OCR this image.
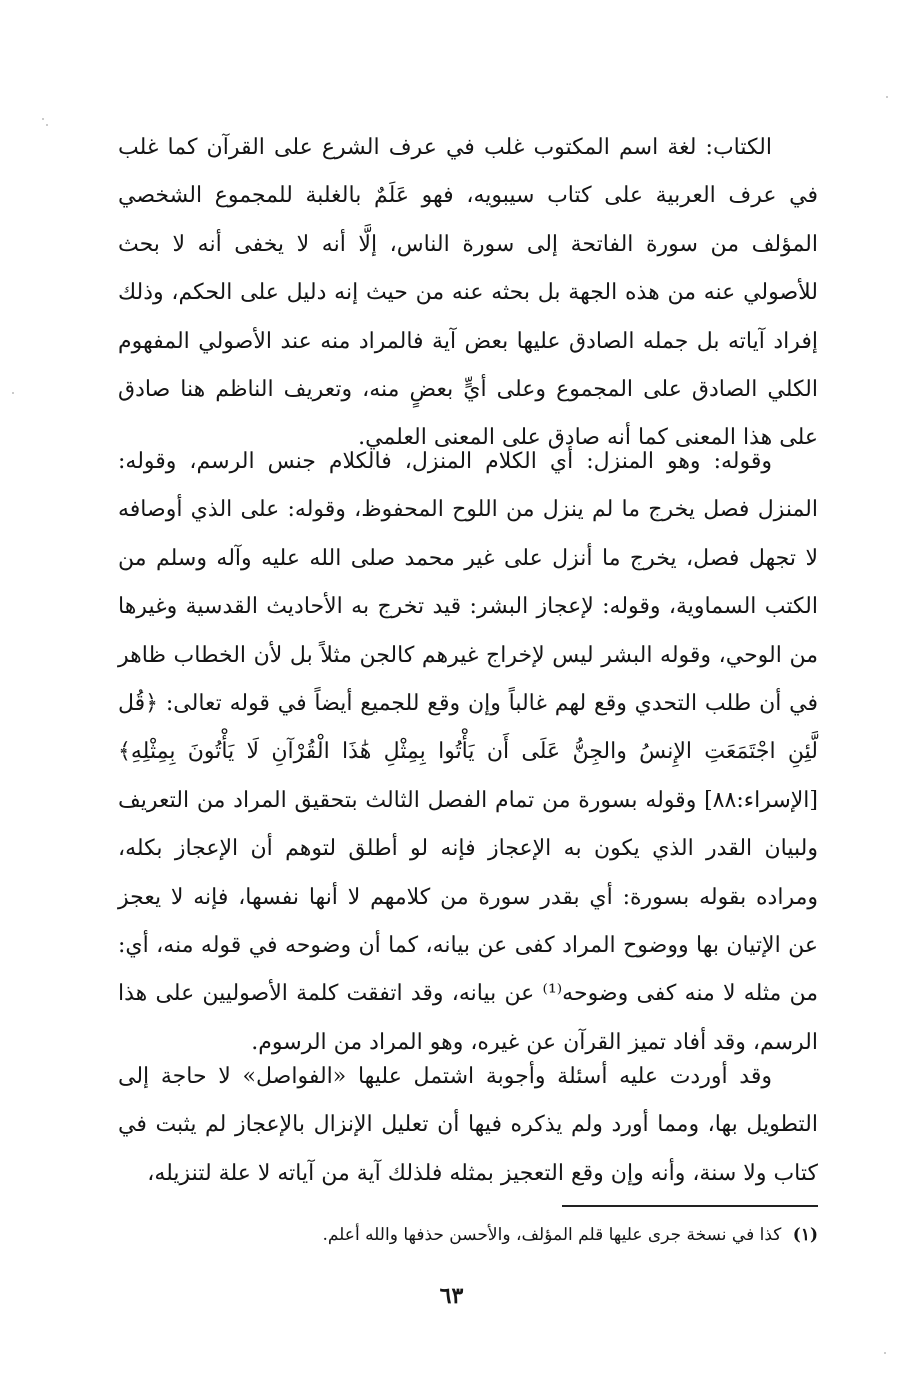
الكتاب: لغة اسم المكتوب غلب في عرف الشرع على القرآن كما غلب في عرف العربية على كتاب سيبويه، فهو عَلَمٌ بالغلبة للمجموع الشخصي المؤلف من سورة الفاتحة إلى سورة الناس، إلَّا أنه لا يخفى أنه لا بحث للأصولي عنه من هذه الجهة بل بحثه عنه من حيث إنه دليل على الحكم، وذلك إفراد آياته بل جمله الصادق عليها بعض آية فالمراد منه عند الأصولي المفهوم الكلي الصادق على المجموع وعلى أيٍّ بعضٍ منه، وتعريف الناظم هنا صادق على هذا المعنى كما أنه صادق على المعنى العلمي.

وقوله: وهو المنزل: أي الكلام المنزل، فالكلام جنس الرسم، وقوله: المنزل فصل يخرج ما لم ينزل من اللوح المحفوظ، وقوله: على الذي أوصافه لا تجهل فصل، يخرج ما أنزل على غير محمد صلى الله عليه وآله وسلم من الكتب السماوية، وقوله: لإعجاز البشر: قيد تخرج به الأحاديث القدسية وغيرها من الوحي، وقوله البشر ليس لإخراج غيرهم كالجن مثلاً بل لأن الخطاب ظاهر في أن طلب التحدي وقع لهم غالباً وإن وقع للجميع أيضاً في قوله تعالى: ﴿قُل لَّئِنِ اجْتَمَعَتِ الإِنسُ والجِنُّ عَلَى أَن يَأْتُوا بِمِثْلِ هَٰذَا الْقُرْآنِ لَا يَأْتُونَ بِمِثْلِهِ﴾ [الإسراء:٨٨] وقوله بسورة من تمام الفصل الثالث بتحقيق المراد من التعريف ولبيان القدر الذي يكون به الإعجاز فإنه لو أطلق لتوهم أن الإعجاز بكله، ومراده بقوله بسورة: أي بقدر سورة من كلامهم لا أنها نفسها، فإنه لا يعجز عن الإتيان بها ووضوح المراد كفى عن بيانه، كما أن وضوحه في قوله منه، أي: من مثله لا منه كفى وضوحه⁽¹⁾ عن بيانه، وقد اتفقت كلمة الأصوليين على هذا الرسم، وقد أفاد تميز القرآن عن غيره، وهو المراد من الرسوم.

وقد أوردت عليه أسئلة وأجوبة اشتمل عليها «الفواصل» لا حاجة إلى التطويل بها، ومما أورد ولم يذكره فيها أن تعليل الإنزال بالإعجاز لم يثبت في كتاب ولا سنة، وأنه وإن وقع التعجيز بمثله فلذلك آية من آياته لا علة لتنزيله،

(١) كذا في نسخة جرى عليها قلم المؤلف، والأحسن حذفها والله أعلم.

٦٣
